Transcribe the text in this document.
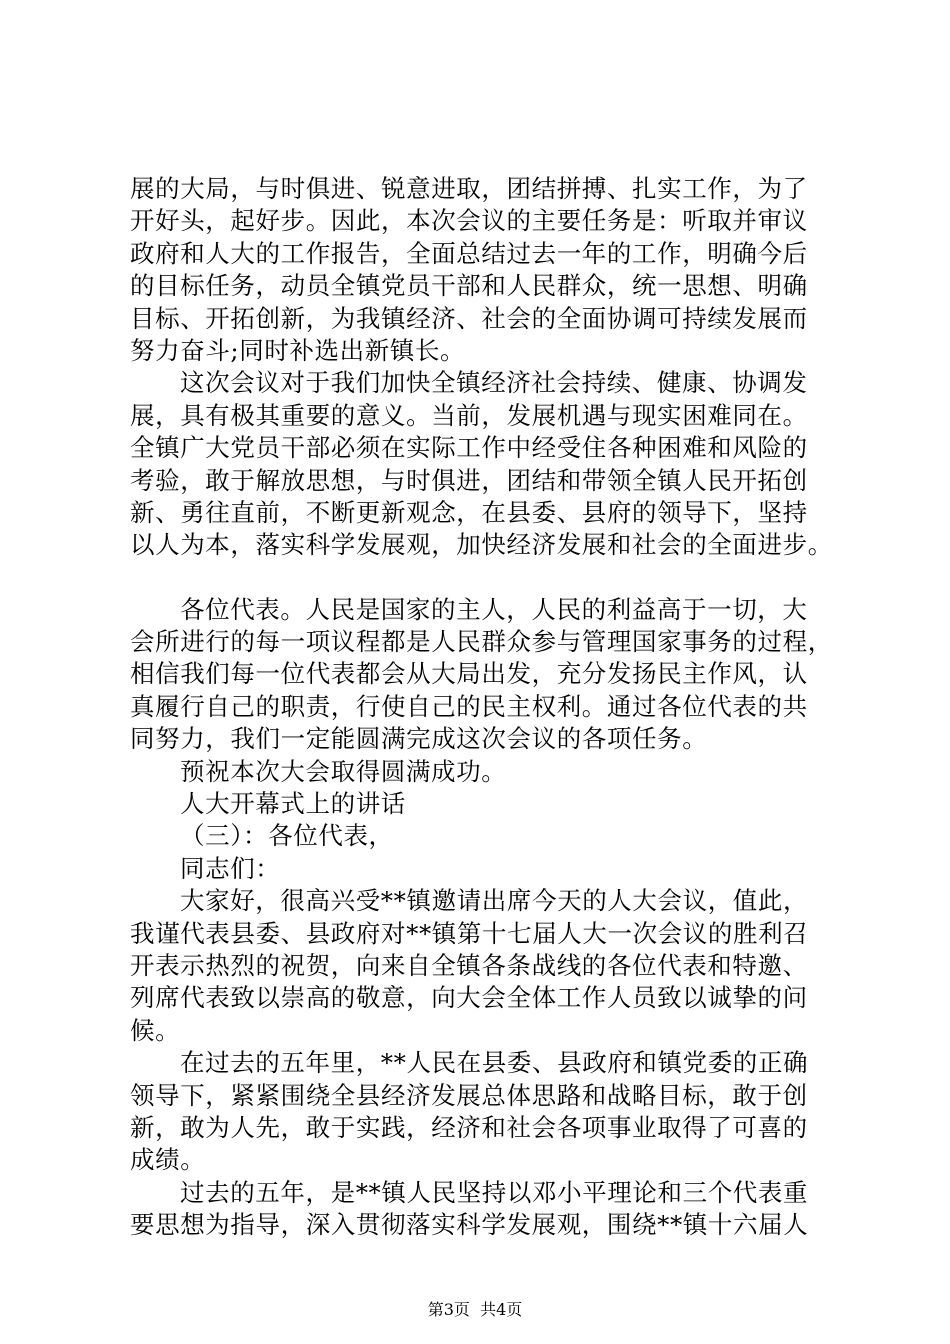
展的大局，与时俱进、锐意进取，团结拼搏、扎实工作，为了
开好头，起好步。因此，本次会议的主要任务是：听取并审议
政府和人大的工作报告，全面总结过去一年的工作，明确今后
的目标任务，动员全镇党员干部和人民群众，统一思想、明确
目标、开拓创新，为我镇经济、社会的全面协调可持续发展而
努力奋斗;同时补选出新镇长。
这次会议对于我们加快全镇经济社会持续、健康、协调发
展，具有极其重要的意义。当前，发展机遇与现实困难同在。
全镇广大党员干部必须在实际工作中经受住各种困难和风险的
考验，敢于解放思想，与时俱进，团结和带领全镇人民开拓创
新、勇往直前，不断更新观念，在县委、县府的领导下，坚持
以人为本，落实科学发展观，加快经济发展和社会的全面进步。
各位代表。人民是国家的主人，人民的利益高于一切，大
会所进行的每一项议程都是人民群众参与管理国家事务的过程，
相信我们每一位代表都会从大局出发，充分发扬民主作风，认
真履行自己的职责，行使自己的民主权利。通过各位代表的共
同努力，我们一定能圆满完成这次会议的各项任务。
预祝本次大会取得圆满成功。
人大开幕式上的讲话
（三）：各位代表，
同志们：
大家好，很高兴受**镇邀请出席今天的人大会议，值此，
我谨代表县委、县政府对**镇第十七届人大一次会议的胜利召
开表示热烈的祝贺，向来自全镇各条战线的各位代表和特邀、
列席代表致以崇高的敬意，向大会全体工作人员致以诚挚的问
候。
在过去的五年里，**人民在县委、县政府和镇党委的正确
领导下，紧紧围绕全县经济发展总体思路和战略目标，敢于创
新，敢为人先，敢于实践，经济和社会各项事业取得了可喜的
成绩。
过去的五年，是**镇人民坚持以邓小平理论和三个代表重
要思想为指导，深入贯彻落实科学发展观，围绕**镇十六届人
第3页  共4页
